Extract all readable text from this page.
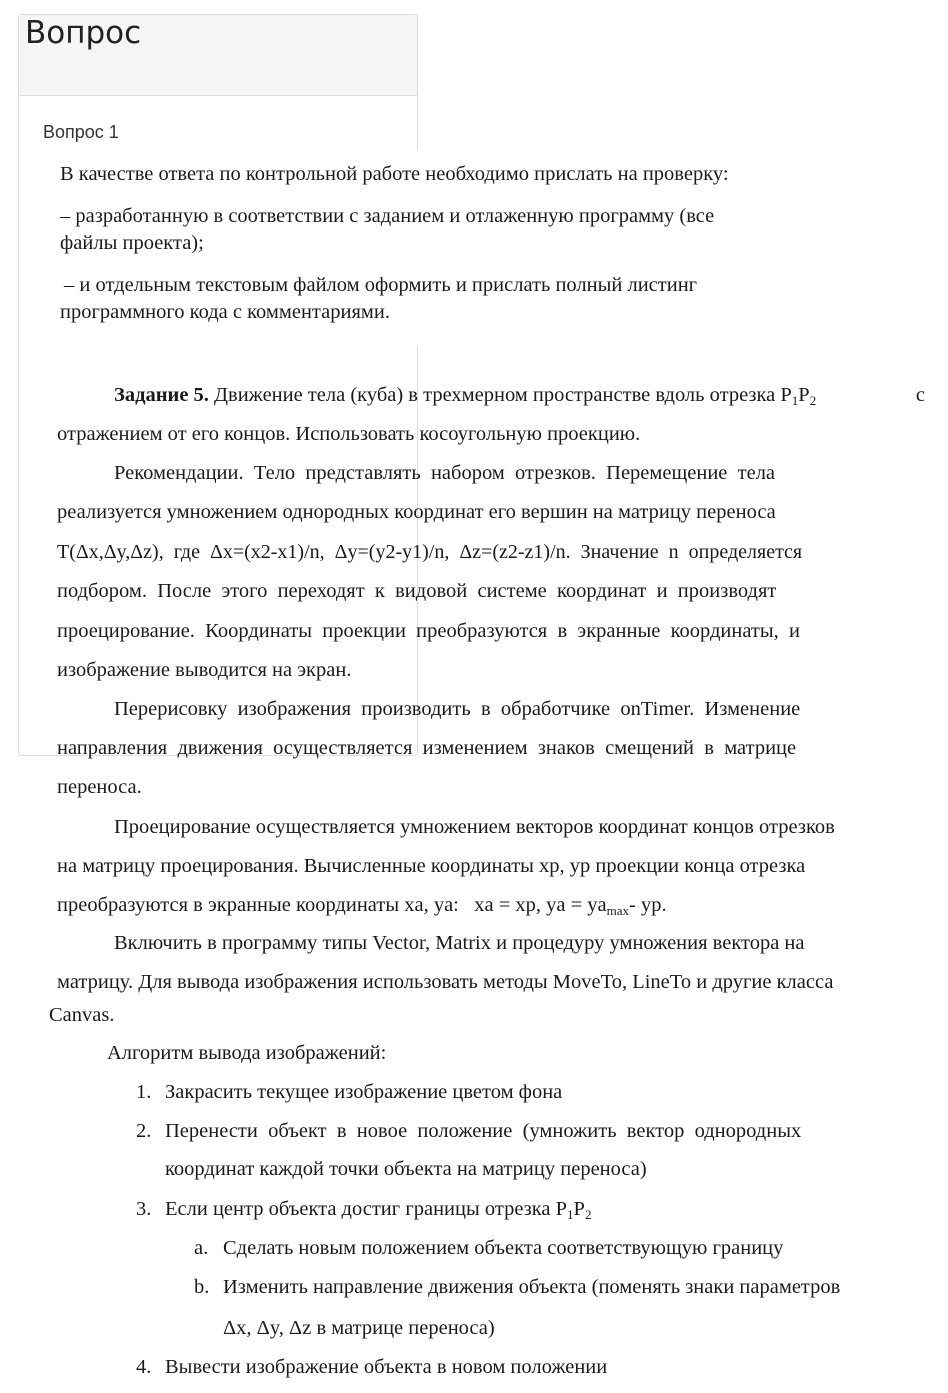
Вопрос
Вопрос 1

В качестве ответа по контрольной работе необходимо прислать на проверку:

– разработанную в соответствии с заданием и отлаженную программу (все

файлы проекта);

– и отдельным текстовым файлом оформить и прислать полный листинг

программного кода с комментариями.

Задание 5. Движение тела (куба) в трехмерном пространстве вдоль отрезка $P_1P_2$	с
отражением от его концов. Использовать косоугольную проекцию.
Рекомендации.  Тело  представлять  набором  отрезков.  Перемещение  тела
реализуется умножением однородных координат его вершин на матрицу переноса
T(Δx,Δy,Δz),  где  Δx=(x2-x1)/n,  Δy=(y2-y1)/n,  Δz=(z2-z1)/n.  Значение  n  определяется
подбором.  После  этого  переходят  к  видовой  системе  координат  и  производят
проецирование.  Координаты  проекции  преобразуются  в  экранные  координаты,  и
изображение выводится на экран.
Перерисовку  изображения  производить  в  обработчике  onTimer.  Изменение
направления  движения  осуществляется  изменением  знаков  смещений  в  матрице
переноса.
Проецирование осуществляется умножением векторов координат концов отрезков
на матрицу проецирования. Вычисленные координаты xp, yp проекции конца отрезка
преобразуются в экранные координаты xa, ya:   xa = xp, ya = $ya_{max}-$ yp.
Включить в программу типы Vector, Matrix и процедуру умножения вектора на
матрицу. Для вывода изображения использовать методы MoveTo, LineTo и другие класса
Canvas.
Алгоритм вывода изображений:
1. Закрасить текущее изображение цветом фона
2. Перенести  объект  в  новое  положение  (умножить  вектор  однородных
координат каждой точки объекта на матрицу переноса)
3. Если центр объекта достиг границы отрезка $P_1P_2$
a. Сделать новым положением объекта соответствующую границу
b. Изменить направление движения объекта (поменять знаки параметров
Δx, Δy, Δz в матрице переноса)
4. Вывести изображение объекта в новом положении
